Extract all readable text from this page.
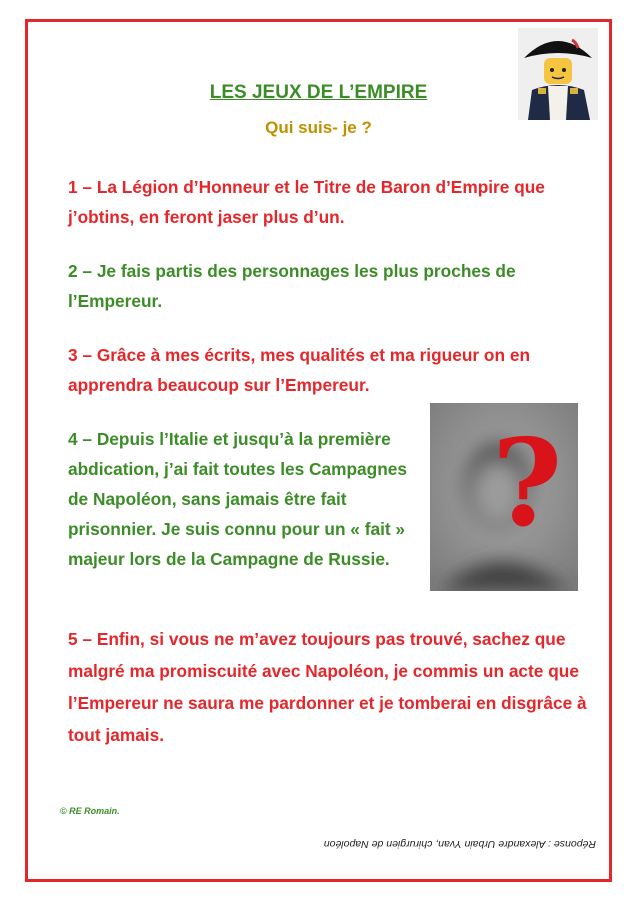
LES JEUX DE L’EMPIRE
Qui suis- je ?

1 – La Légion d’Honneur et le Titre de Baron d’Empire que j’obtins, en feront jaser plus d’un.

2 – Je fais partis des personnages les plus proches de l’Empereur.

3 – Grâce à mes écrits, mes qualités et ma rigueur on en apprendra beaucoup sur l’Empereur.

4 – Depuis l’Italie et jusqu’à la première abdication, j’ai fait toutes les Campagnes de Napoléon, sans jamais être fait prisonnier. Je suis connu pour un « fait » majeur lors de la Campagne de Russie.

?

5 – Enfin, si vous ne m’avez toujours pas trouvé, sachez que malgré ma promiscuité avec Napoléon, je commis un acte que l’Empereur ne saura me pardonner et je tomberai en disgrâce à tout jamais.

© RE Romain.
Réponse : Alexandre Urbain Yvan, chirurgien de Napoléon
